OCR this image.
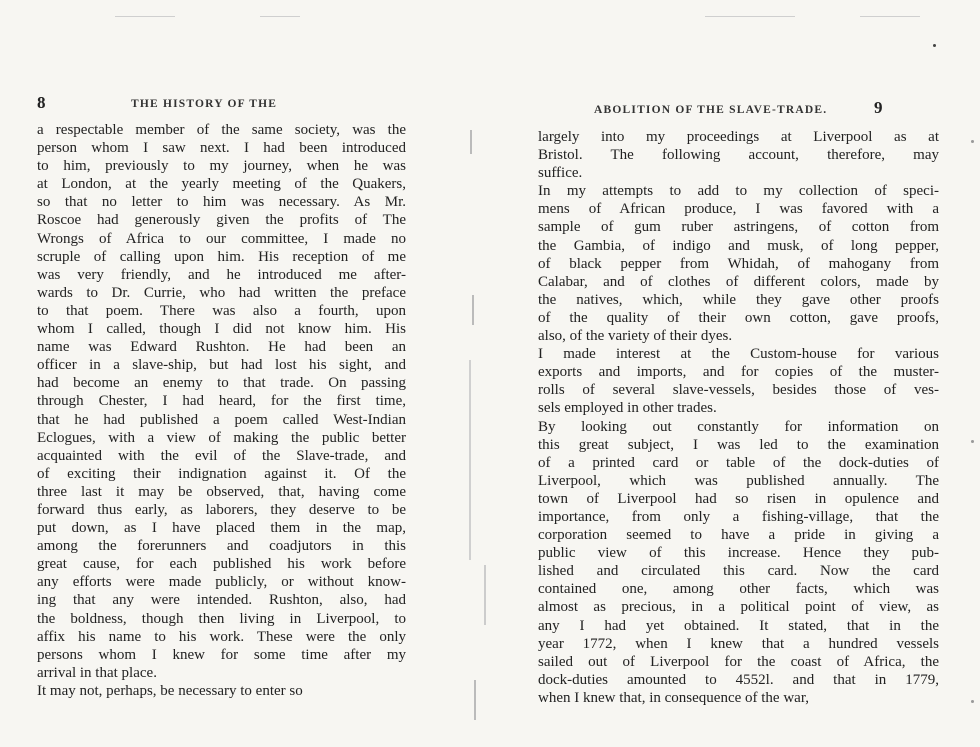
8	THE HISTORY OF THE
a respectable member of the same society, was the
person whom I saw next. I had been introduced
to him, previously to my journey, when he was
at London, at the yearly meeting of the Quakers,
so that no letter to him was necessary. As Mr.
Roscoe had generously given the profits of The
Wrongs of Africa to our committee, I made no
scruple of calling upon him. His reception of me
was very friendly, and he introduced me after-
wards to Dr. Currie, who had written the preface
to that poem. There was also a fourth, upon
whom I called, though I did not know him. His
name was Edward Rushton. He had been an
officer in a slave-ship, but had lost his sight, and
had become an enemy to that trade. On passing
through Chester, I had heard, for the first time,
that he had published a poem called West-Indian
Eclogues, with a view of making the public better
acquainted with the evil of the Slave-trade, and
of exciting their indignation against it. Of the
three last it may be observed, that, having come
forward thus early, as laborers, they deserve to be
put down, as I have placed them in the map,
among the forerunners and coadjutors in this
great cause, for each published his work before
any efforts were made publicly, or without know-
ing that any were intended. Rushton, also, had
the boldness, though then living in Liverpool, to
affix his name to his work. These were the only
persons whom I knew for some time after my
arrival in that place.
It may not, perhaps, be necessary to enter so
ABOLITION OF THE SLAVE-TRADE.	9
largely into my proceedings at Liverpool as at
Bristol. The following account, therefore, may
suffice.
In my attempts to add to my collection of speci-
mens of African produce, I was favored with a
sample of gum ruber astringens, of cotton from
the Gambia, of indigo and musk, of long pepper,
of black pepper from Whidah, of mahogany from
Calabar, and of clothes of different colors, made by
the natives, which, while they gave other proofs
of the quality of their own cotton, gave proofs,
also, of the variety of their dyes.
I made interest at the Custom-house for various
exports and imports, and for copies of the muster-
rolls of several slave-vessels, besides those of ves-
sels employed in other trades.
By looking out constantly for information on
this great subject, I was led to the examination
of a printed card or table of the dock-duties of
Liverpool, which was published annually. The
town of Liverpool had so risen in opulence and
importance, from only a fishing-village, that the
corporation seemed to have a pride in giving a
public view of this increase. Hence they pub-
lished and circulated this card. Now the card
contained one, among other facts, which was
almost as precious, in a political point of view, as
any I had yet obtained. It stated, that in the
year 1772, when I knew that a hundred vessels
sailed out of Liverpool for the coast of Africa, the
dock-duties amounted to 4552l. and that in 1779,
when I knew that, in consequence of the war,
